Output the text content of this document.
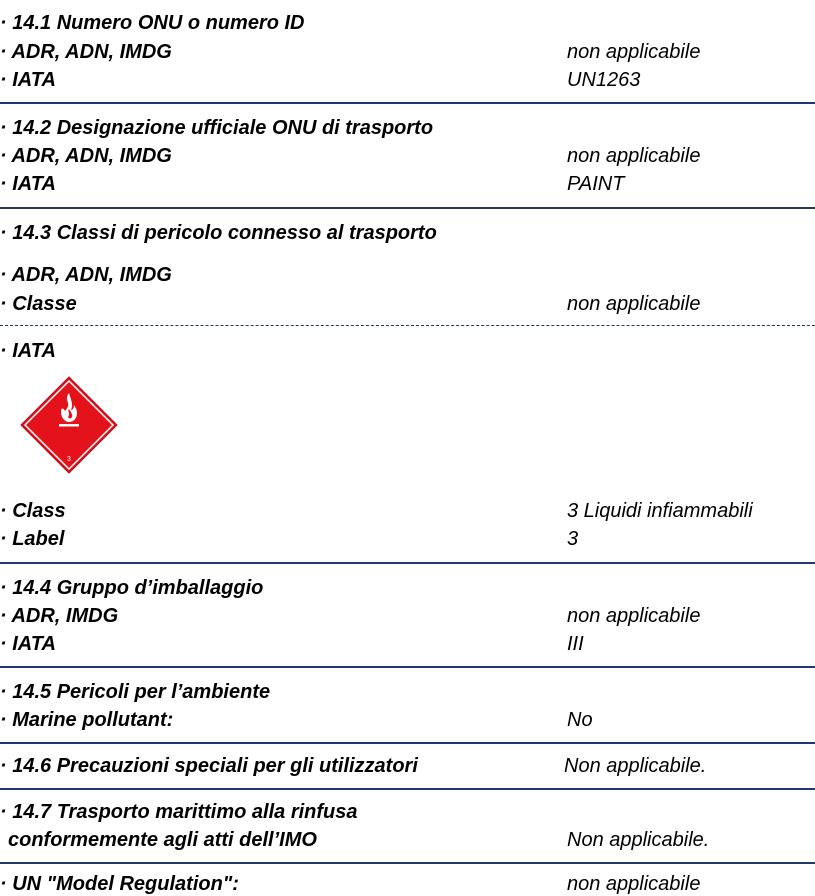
· 14.1 Numero ONU o numero ID
· ADR, ADN, IMDG	non applicabile
· IATA	UN1263
· 14.2 Designazione ufficiale ONU di trasporto
· ADR, ADN, IMDG	non applicabile
· IATA	PAINT
· 14.3 Classi di pericolo connesso al trasporto
· ADR, ADN, IMDG
· Classe	non applicabile
· IATA
3
· Class	3 Liquidi infiammabili
· Label	3
· 14.4 Gruppo d’imballaggio
· ADR, IMDG	non applicabile
· IATA	III
· 14.5 Pericoli per l’ambiente
· Marine pollutant:	No
· 14.6 Precauzioni speciali per gli utilizzatori	Non applicabile.
· 14.7 Trasporto marittimo alla rinfusa
conformemente agli atti dell’IMO	Non applicabile.
· UN "Model Regulation":	non applicabile
